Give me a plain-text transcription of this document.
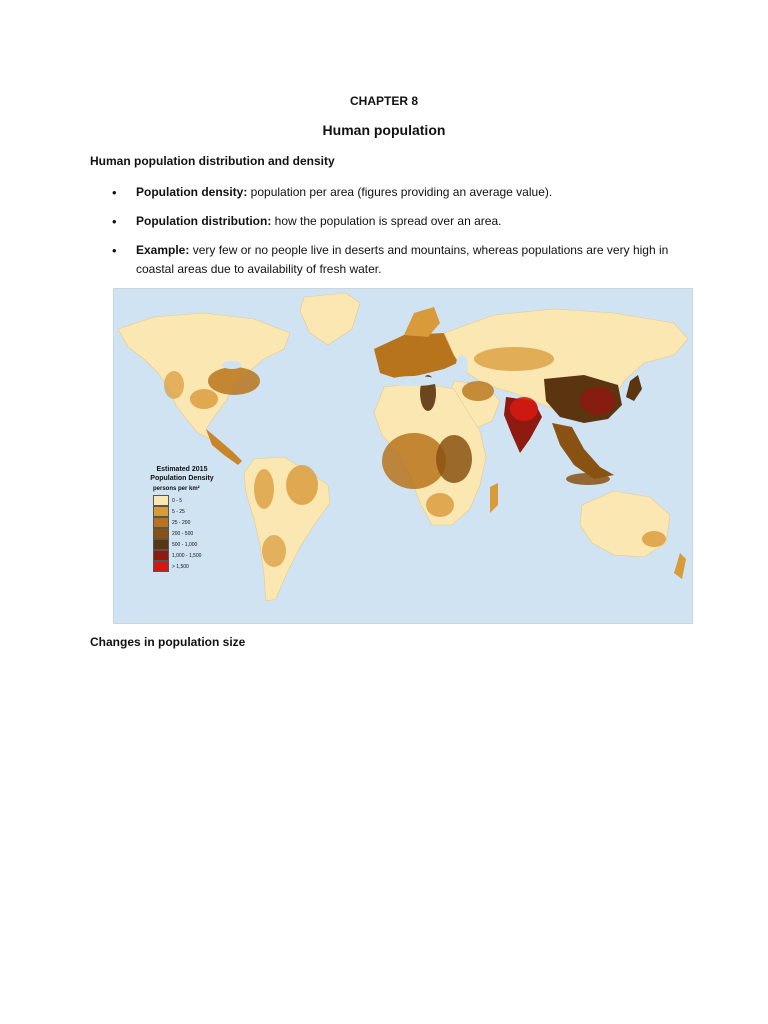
CHAPTER 8
Human population
Human population distribution and density
• Population density: population per area (figures providing an average value).
• Population distribution: how the population is spread over an area.
• Example: very few or no people live in deserts and mountains, whereas populations are very high in coastal areas due to availability of fresh water.
Estimated 2015 Population Density
persons per km²
0 - 5
5 - 25
25 - 200
200 - 500
500 - 1,000
1,000 - 1,500
> 1,500
Changes in population size
